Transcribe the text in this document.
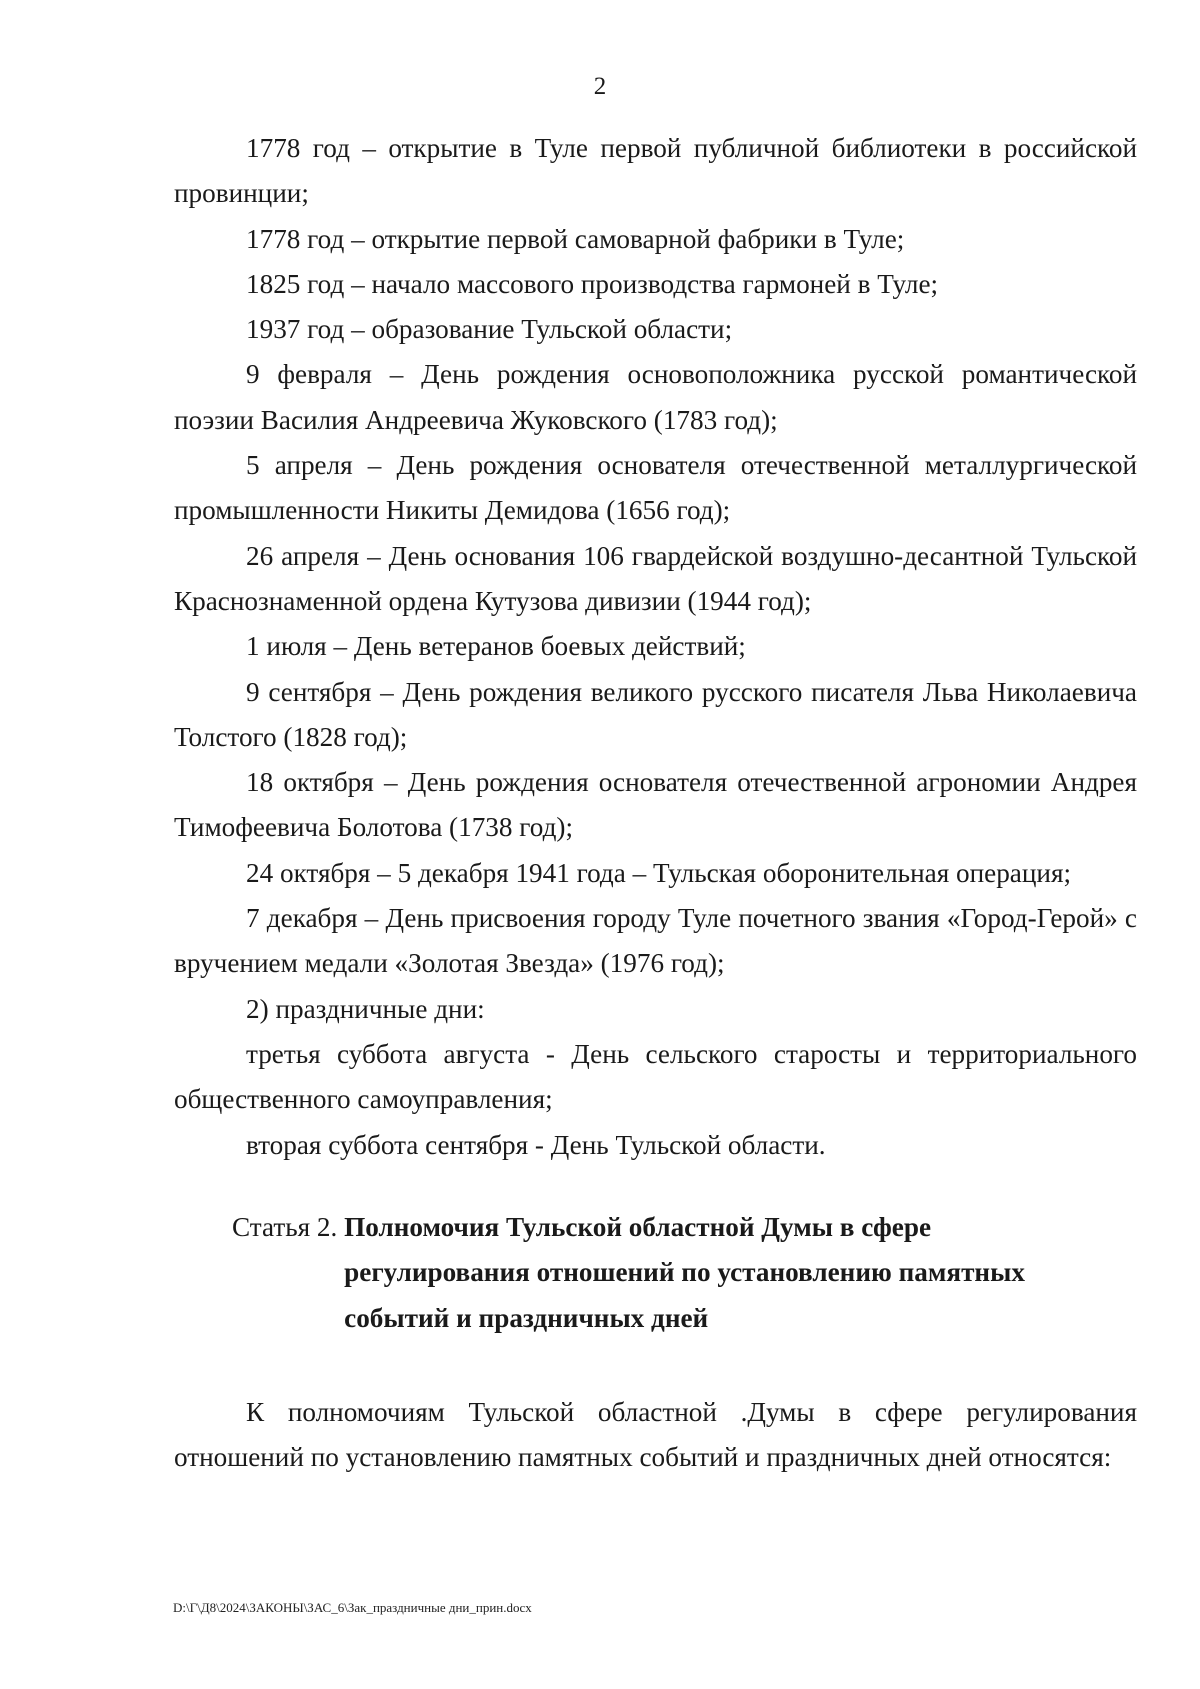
2

1778 год – открытие в Туле первой публичной библиотеки в российской провинции;

1778 год – открытие первой самоварной фабрики в Туле;

1825 год – начало массового производства гармоней в Туле;

1937 год – образование Тульской области;

9 февраля – День рождения основоположника русской романтической поэзии Василия Андреевича Жуковского (1783 год);

5 апреля – День рождения основателя отечественной металлургической промышленности Никиты Демидова (1656 год);

26 апреля – День основания 106 гвардейской воздушно-десантной Тульской Краснознаменной ордена Кутузова дивизии (1944 год);

1 июля – День ветеранов боевых действий;

9 сентября – День рождения великого русского писателя Льва Николаевича Толстого (1828 год);

18 октября – День рождения основателя отечественной агрономии Андрея Тимофеевича Болотова (1738 год);

24 октября – 5 декабря 1941 года – Тульская оборонительная операция;

7 декабря – День присвоения городу Туле почетного звания «Город-Герой» с вручением медали «Золотая Звезда» (1976 год);

2) праздничные дни:

третья суббота августа - День сельского старосты и территориального общественного самоуправления;

вторая суббота сентября - День Тульской области.

Статья 2. Полномочия Тульской областной Думы в сфере
регулирования отношений по установлению памятных
событий и праздничных дней

К полномочиям Тульской областной .Думы в сфере регулирования отношений по установлению памятных событий и праздничных дней относятся:

D:\Г\Д8\2024\ЗАКОНЫ\ЗАС_6\Зак_праздничные дни_прин.docx
